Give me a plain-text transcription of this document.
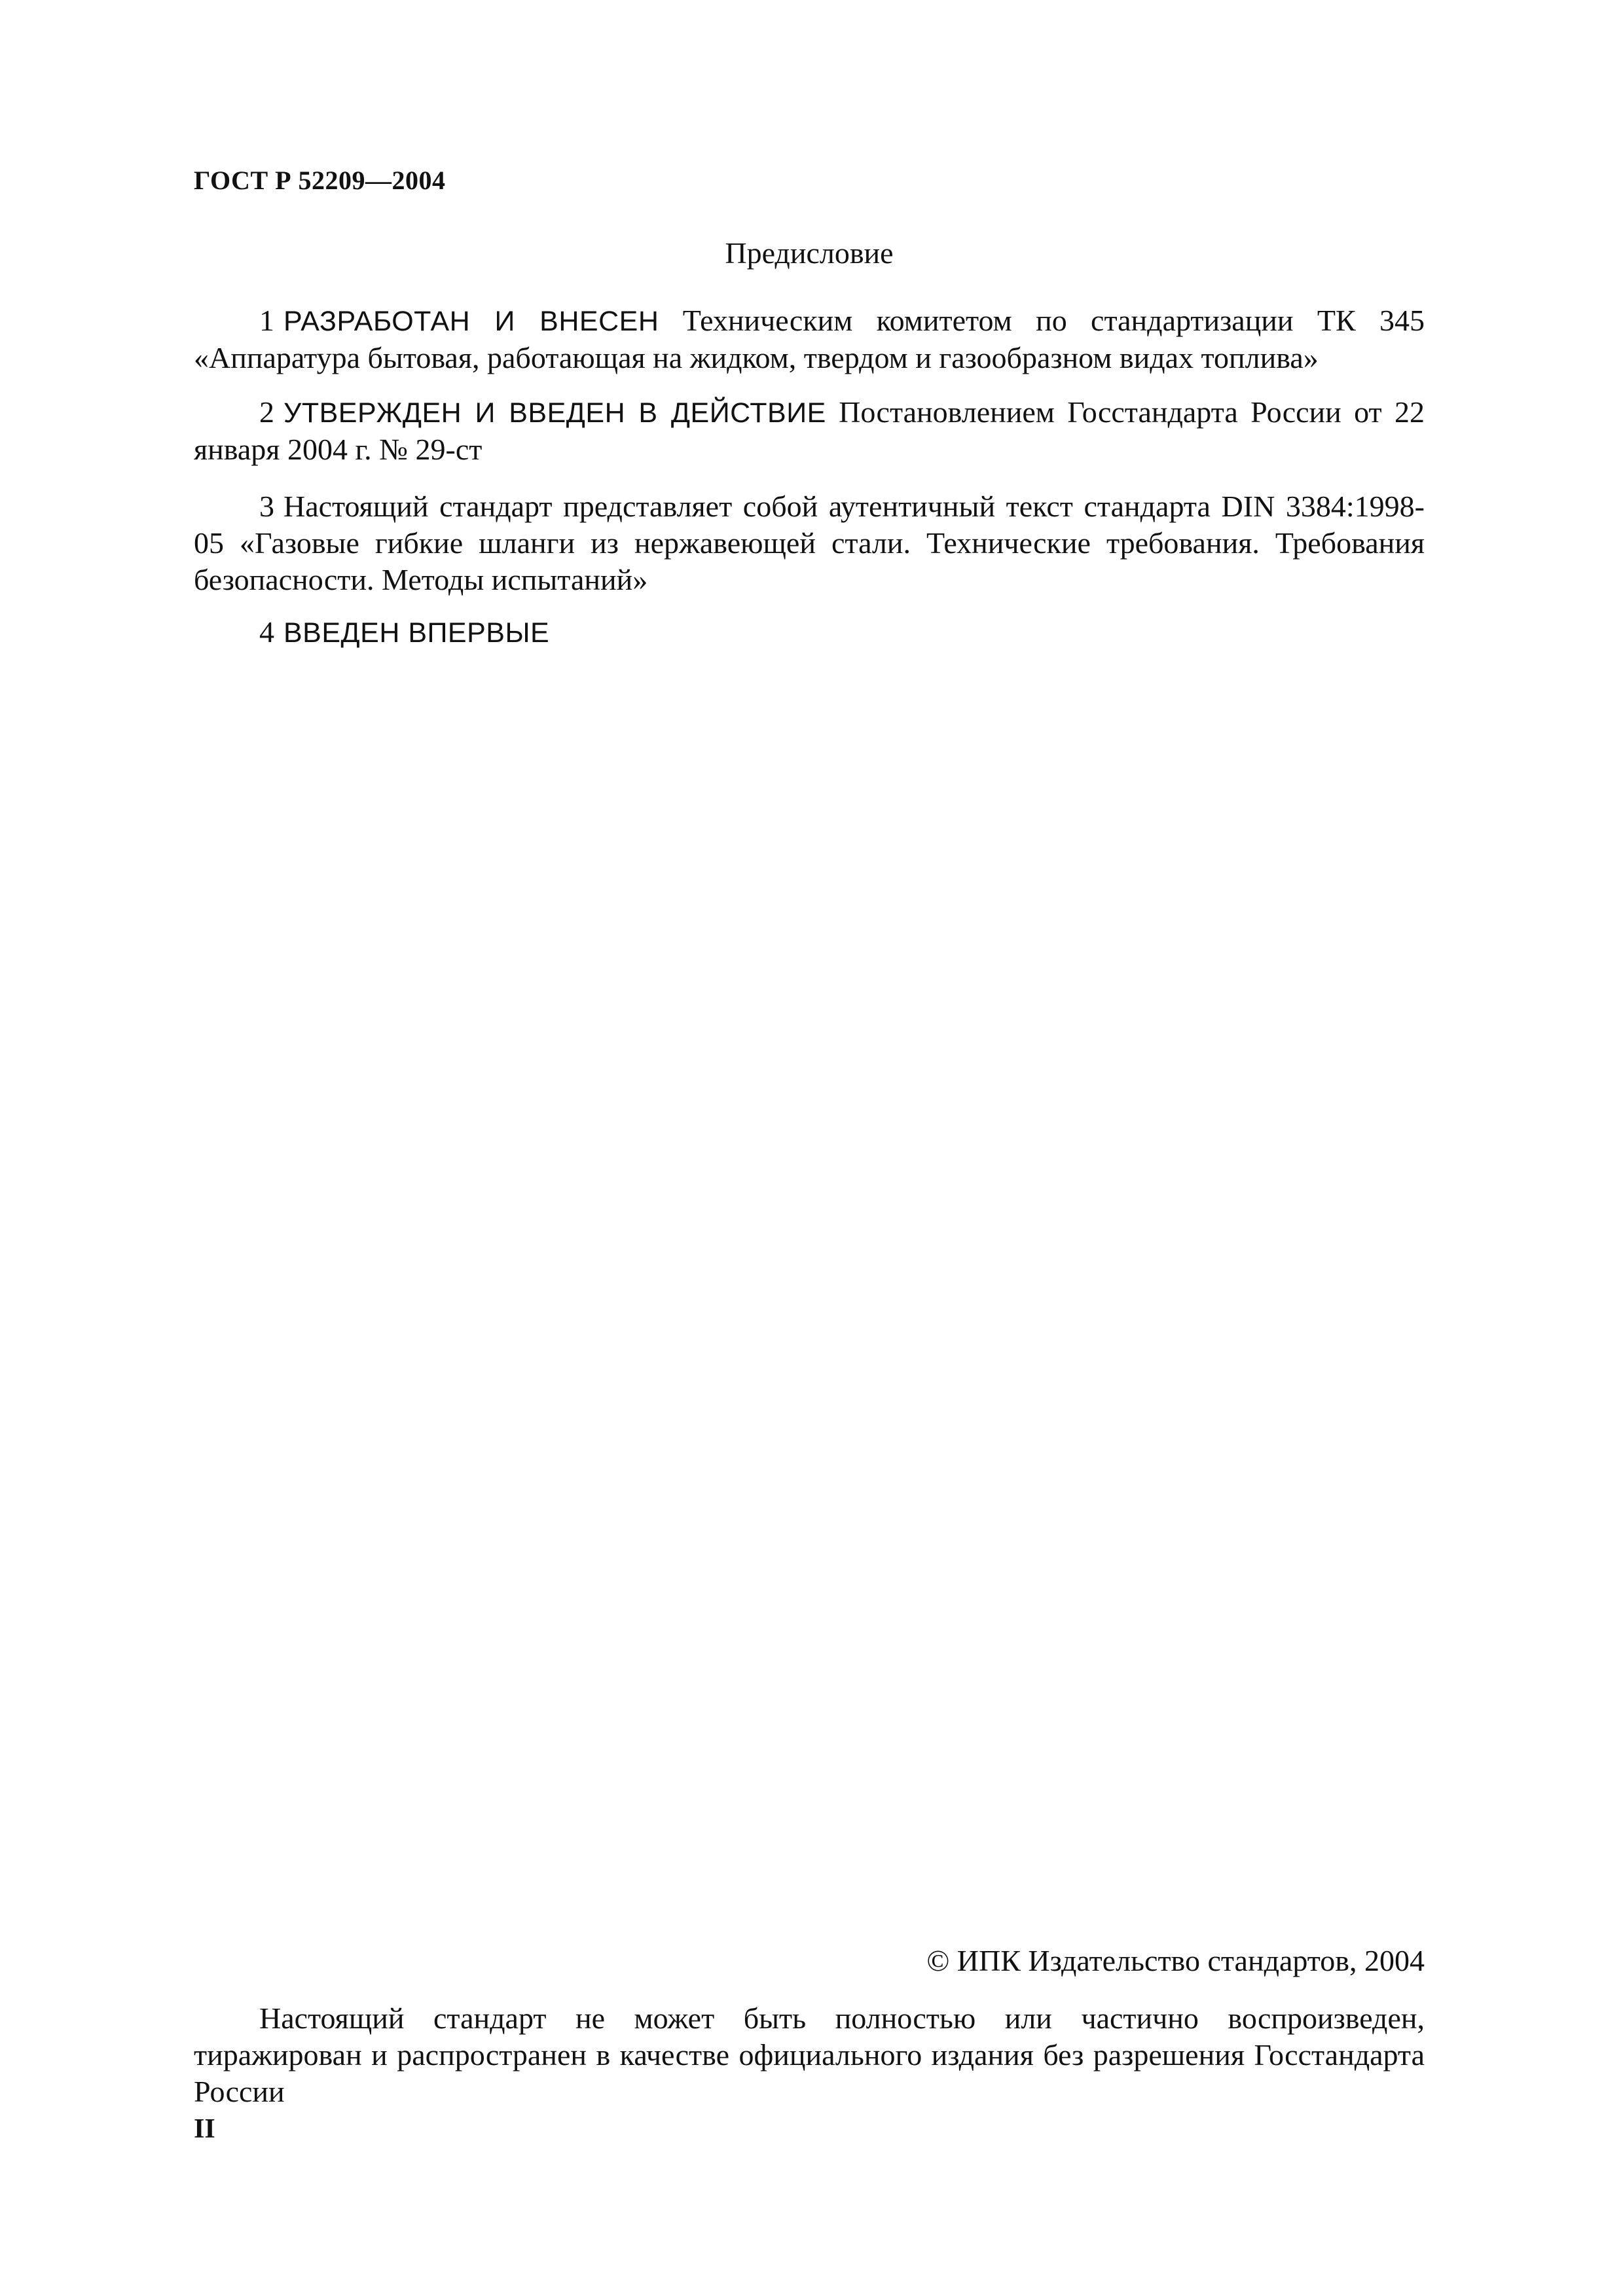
ГОСТ Р 52209—2004
Предисловие

1 РАЗРАБОТАН И ВНЕСЕН Техническим комитетом по стандартизации ТК 345 «Аппаратура бытовая, работающая на жидком, твердом и газообразном видах топлива»

2 УТВЕРЖДЕН И ВВЕДЕН В ДЕЙСТВИЕ Постановлением Госстандарта России от 22 января 2004 г. № 29-ст

3 Настоящий стандарт представляет собой аутентичный текст стандарта DIN 3384:1998-05 «Газовые гибкие шланги из нержавеющей стали. Технические требования. Требования безопасности. Методы испытаний»

4 ВВЕДЕН ВПЕРВЫЕ

© ИПК Издательство стандартов, 2004

Настоящий стандарт не может быть полностью или частично воспроизведен, тиражирован и распространен в качестве официального издания без разрешения Госстандарта России

II
